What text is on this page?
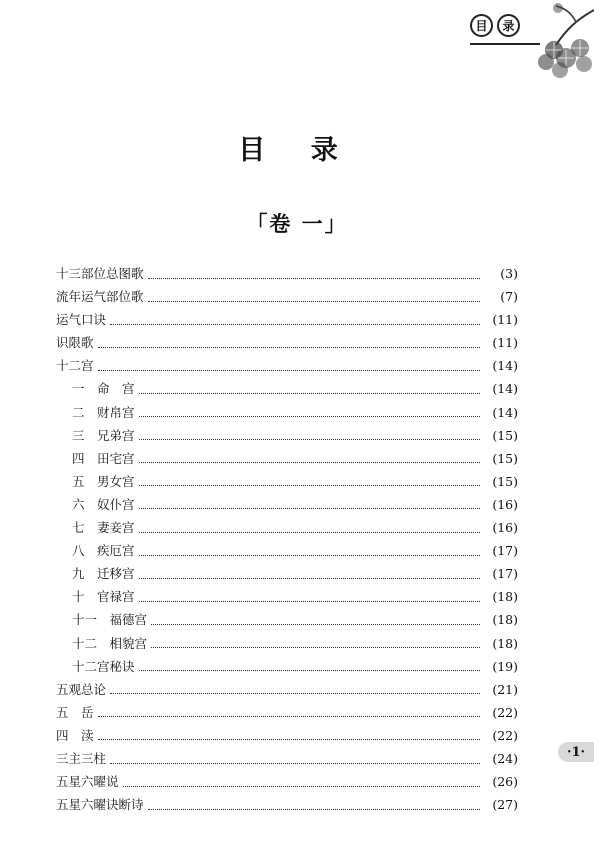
目	录
目 录
「卷 一」
十三部位总图歌	(3)
流年运气部位歌	(7)
运气口诀	(11)
识限歌	(11)
十二宫	(14)
一　命　宫	(14)
二　财帛宫	(14)
三　兄弟宫	(15)
四　田宅宫	(15)
五　男女宫	(15)
六　奴仆宫	(16)
七　妻妾宫	(16)
八　疾厄宫	(17)
九　迁移宫	(17)
十　官禄宫	(18)
十一　福德宫	(18)
十二　相貌宫	(18)
十二宫秘诀	(19)
五观总论	(21)
五　岳	(22)
四　渎	(22)
三主三柱	(24)
五星六曜说	(26)
五星六曜诀断诗	(27)
·1·
